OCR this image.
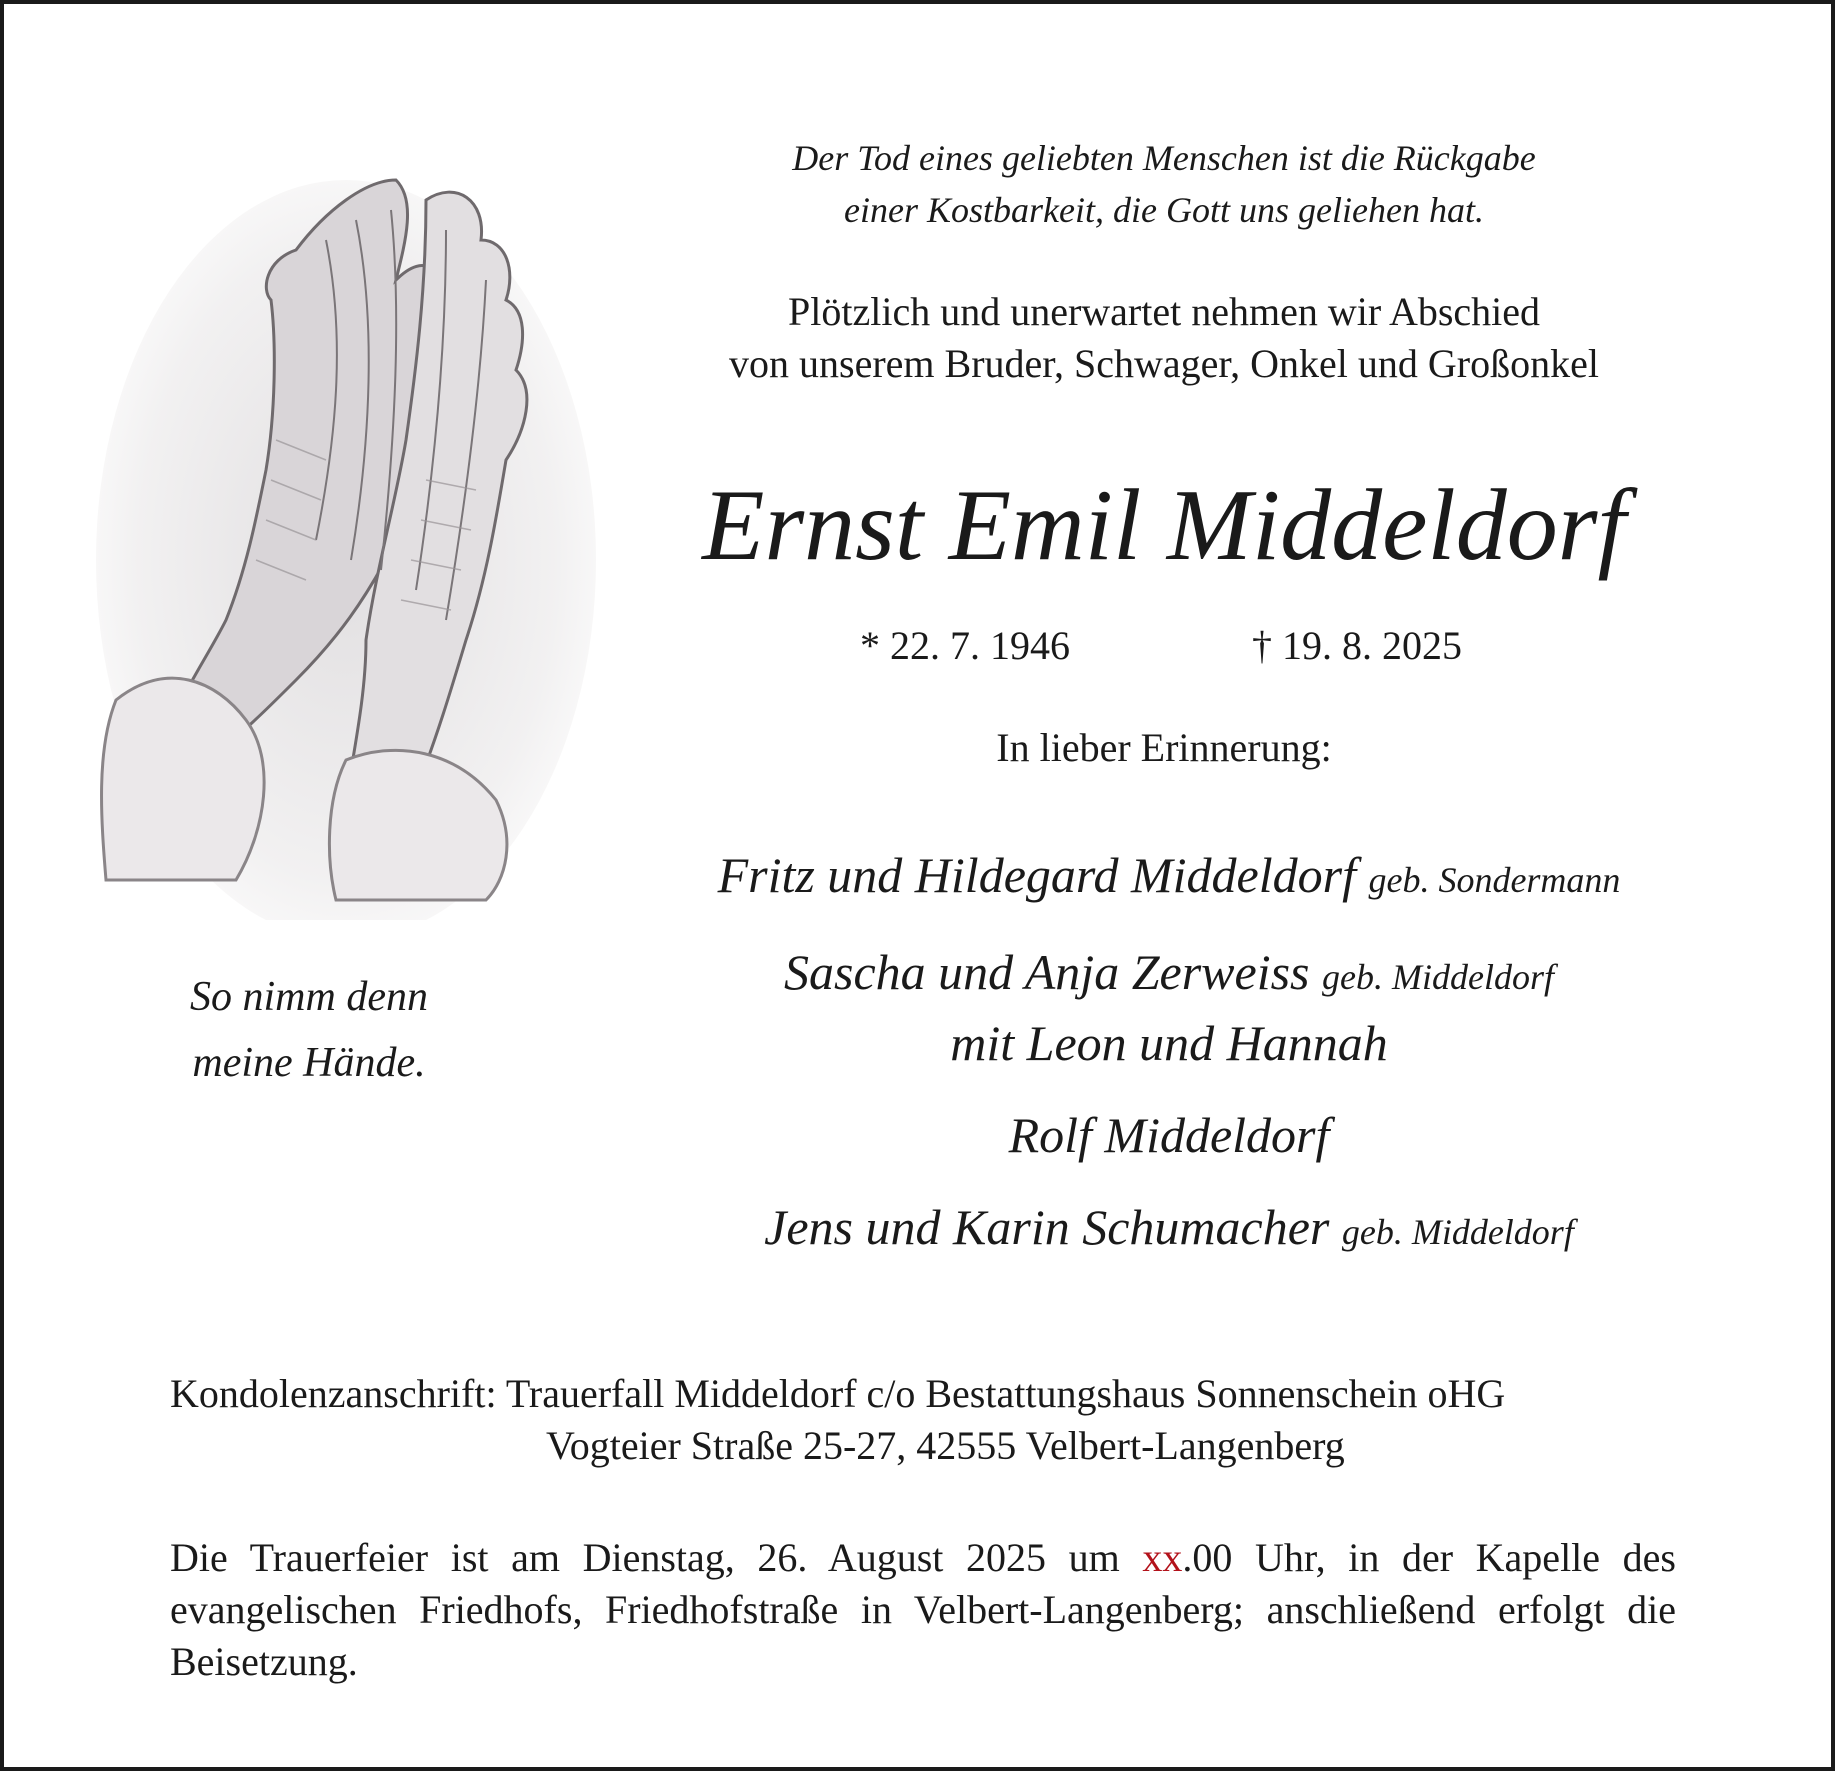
Der Tod eines geliebten Menschen ist die Rückgabe
einer Kostbarkeit, die Gott uns geliehen hat.
Plötzlich und unerwartet nehmen wir Abschied
von unserem Bruder, Schwager, Onkel und Großonkel
Ernst Emil Middeldorf
* 22. 7. 1946	† 19. 8. 2025
In lieber Erinnerung:
Fritz und Hildegard Middeldorf geb. Sondermann
Sascha und Anja Zerweiss geb. Middeldorf
mit Leon und Hannah
Rolf Middeldorf
Jens und Karin Schumacher geb. Middeldorf
So nimm denn
meine Hände.
Kondolenzanschrift: Trauerfall Middeldorf c/o Bestattungshaus Sonnenschein oHG
Vogteier Straße 25-27, 42555 Velbert-Langenberg
Die Trauerfeier ist am Dienstag, 26. August 2025 um xx.00 Uhr, in der Kapelle des evangelischen Friedhofs, Friedhofstraße in Velbert-Langenberg; anschließend erfolgt die Beisetzung.
